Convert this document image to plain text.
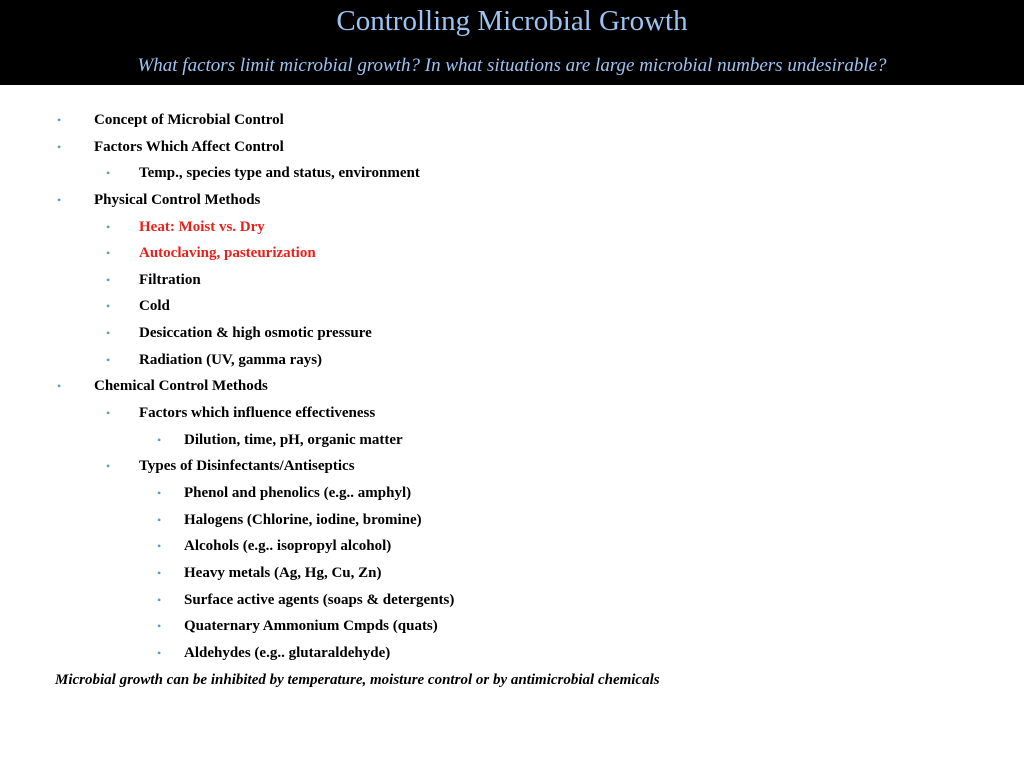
Controlling Microbial Growth
What factors limit microbial growth? In what situations are large microbial numbers undesirable?
• Concept of Microbial Control
• Factors Which Affect Control
• Temp., species type and status, environment
• Physical Control Methods
• Heat: Moist vs. Dry
• Autoclaving, pasteurization
• Filtration
• Cold
• Desiccation & high osmotic pressure
• Radiation (UV, gamma rays)
• Chemical Control Methods
• Factors which influence effectiveness
• Dilution, time, pH, organic matter
• Types of Disinfectants/Antiseptics
• Phenol and phenolics (e.g.. amphyl)
• Halogens (Chlorine, iodine, bromine)
• Alcohols (e.g.. isopropyl alcohol)
• Heavy metals (Ag, Hg, Cu, Zn)
• Surface active agents (soaps & detergents)
• Quaternary Ammonium Cmpds (quats)
• Aldehydes (e.g.. glutaraldehyde)
Microbial growth can be inhibited by temperature, moisture control or by antimicrobial chemicals
